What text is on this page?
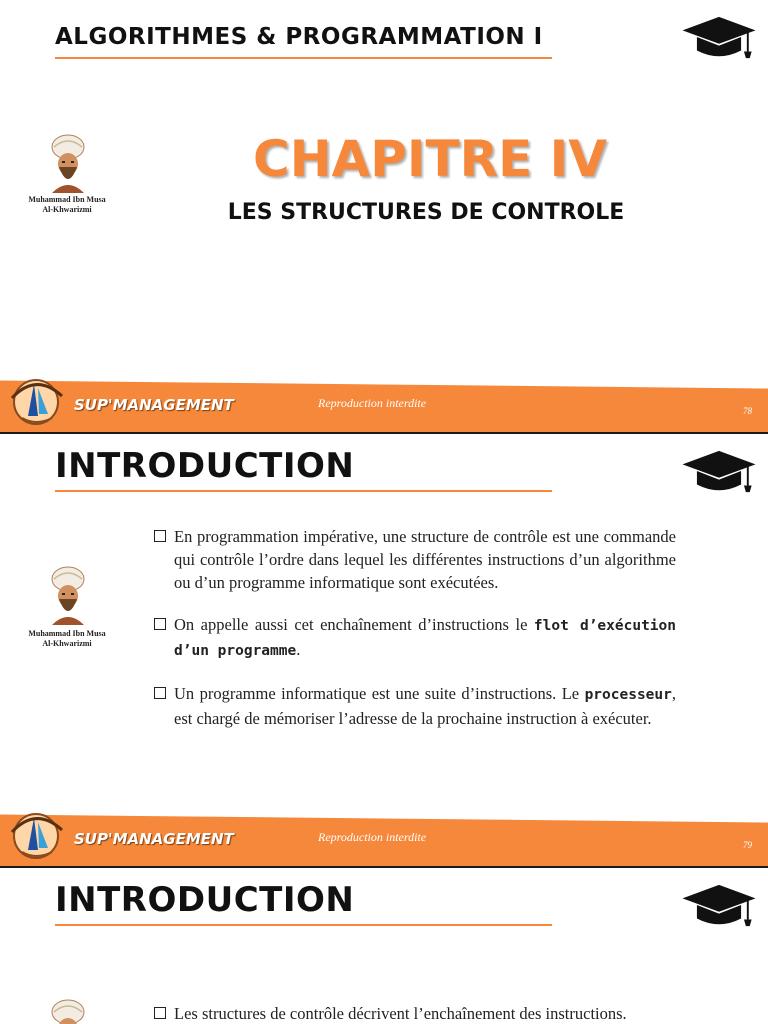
ALGORITHMES & PROGRAMMATION I
Muhammad Ibn Musa
Al-Khwarizmi
CHAPITRE IV
LES STRUCTURES DE CONTROLE
SUP'MANAGEMENT	Reproduction interdite
78
INTRODUCTION
Muhammad Ibn Musa
Al-Khwarizmi
En programmation impérative, une structure de contrôle est une commande qui contrôle l’ordre dans lequel les différentes instructions d’un algorithme ou d’un programme informatique sont exécutées.
On appelle aussi cet enchaînement d’instructions le flot d’exécution d’un programme.
Un programme informatique est une suite d’instructions. Le processeur, est chargé de mémoriser l’adresse de la prochaine instruction à exécuter.
SUP'MANAGEMENT	Reproduction interdite
79
INTRODUCTION
Les structures de contrôle décrivent l’enchaînement des instructions.
